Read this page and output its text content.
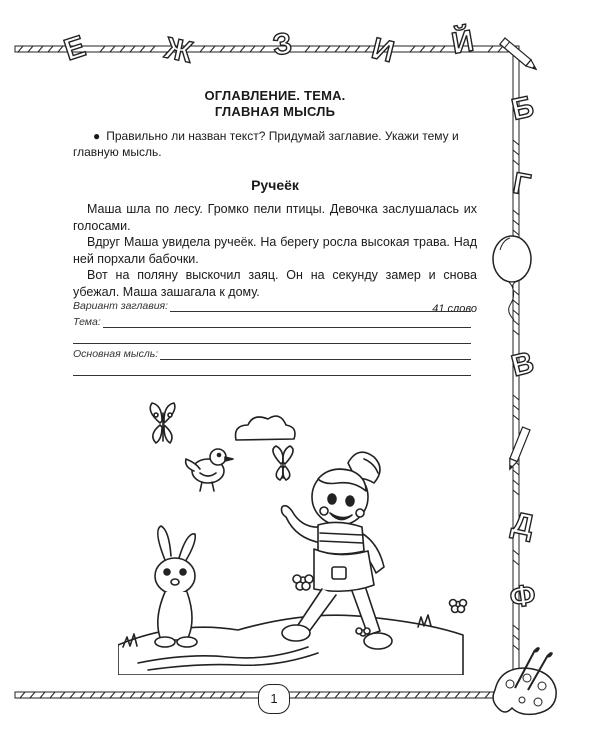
Е Ж	З И Й
Б
Г
В
Д
Ф

ОГЛАВЛЕНИЕ. ТЕМА.

ГЛАВНАЯ МЫСЛЬ

● Правильно ли назван текст? Придумай заглавие. Укажи тему и главную мысль.

Ручеёк

Маша шла по лесу. Громко пели птицы. Девочка заслушалась их голосами.

Вдруг Маша увидела ручеёк. На берегу росла высокая трава. Над ней порхали бабочки.

Вот на поляну выскочил заяц. Он на секунду замер и снова убежал. Маша зашагала к дому.

41 слово

Вариант заглавия:
Тема:
Основная мысль:
1
